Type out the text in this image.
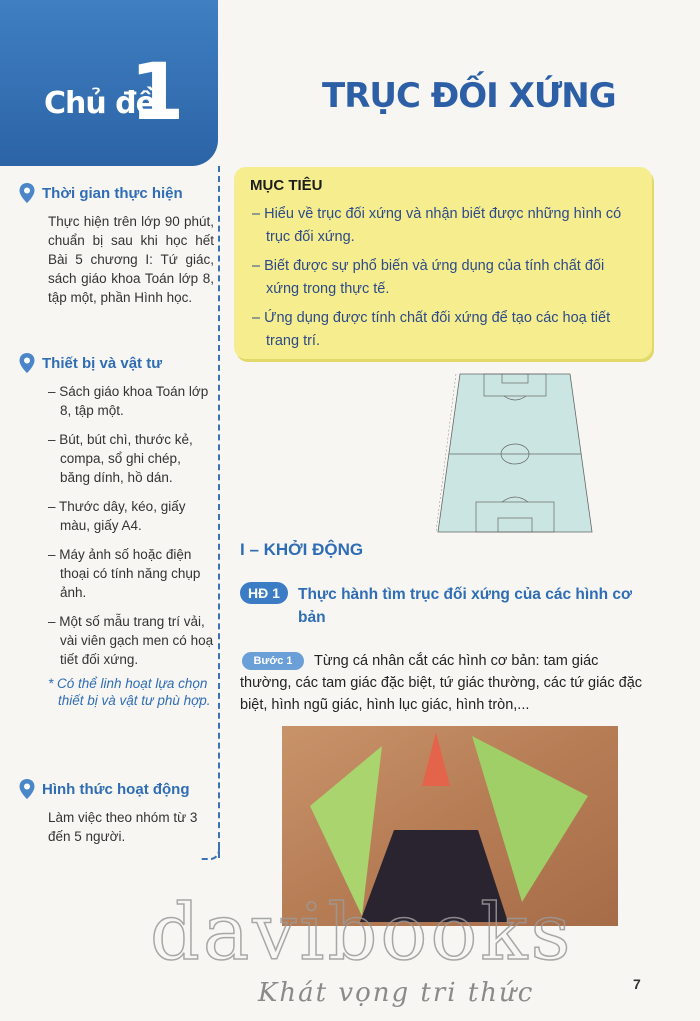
Chủ đề
1	TRỤC ĐỐI XỨNG
Thời gian thực hiện
Thực hiện trên lớp 90 phút, chuẩn bị sau khi học hết Bài 5 chương I: Tứ giác, sách giáo khoa Toán lớp 8, tập một, phần Hình học.
Thiết bị và vật tư
– Sách giáo khoa Toán lớp 8, tập một.
– Bút, bút chì, thước kẻ, compa, sổ ghi chép, băng dính, hồ dán.
– Thước dây, kéo, giấy màu, giấy A4.
– Máy ảnh số hoặc điện thoại có tính năng chụp ảnh.
– Một số mẫu trang trí vải, vài viên gạch men có hoạ tiết đối xứng.
* Có thể linh hoạt lựa chọn thiết bị và vật tư phù hợp.
Hình thức hoạt động
Làm việc theo nhóm từ 3 đến 5 người.
MỤC TIÊU
– Hiểu về trục đối xứng và nhận biết được những hình có trục đối xứng.
– Biết được sự phổ biến và ứng dụng của tính chất đối xứng trong thực tế.
– Ứng dụng được tính chất đối xứng để tạo các hoạ tiết trang trí.
I – KHỞI ĐỘNG
HĐ 1	Thực hành tìm trục đối xứng của các hình cơ bản
Từng cá nhân cắt các hình cơ bản: tam giác thường, các tam giác đặc biệt, tứ giác thường, các tứ giác đặc biệt, hình ngũ giác, hình lục giác, hình tròn,...
Bước 1
davibooks
Khát vọng tri thức	7
